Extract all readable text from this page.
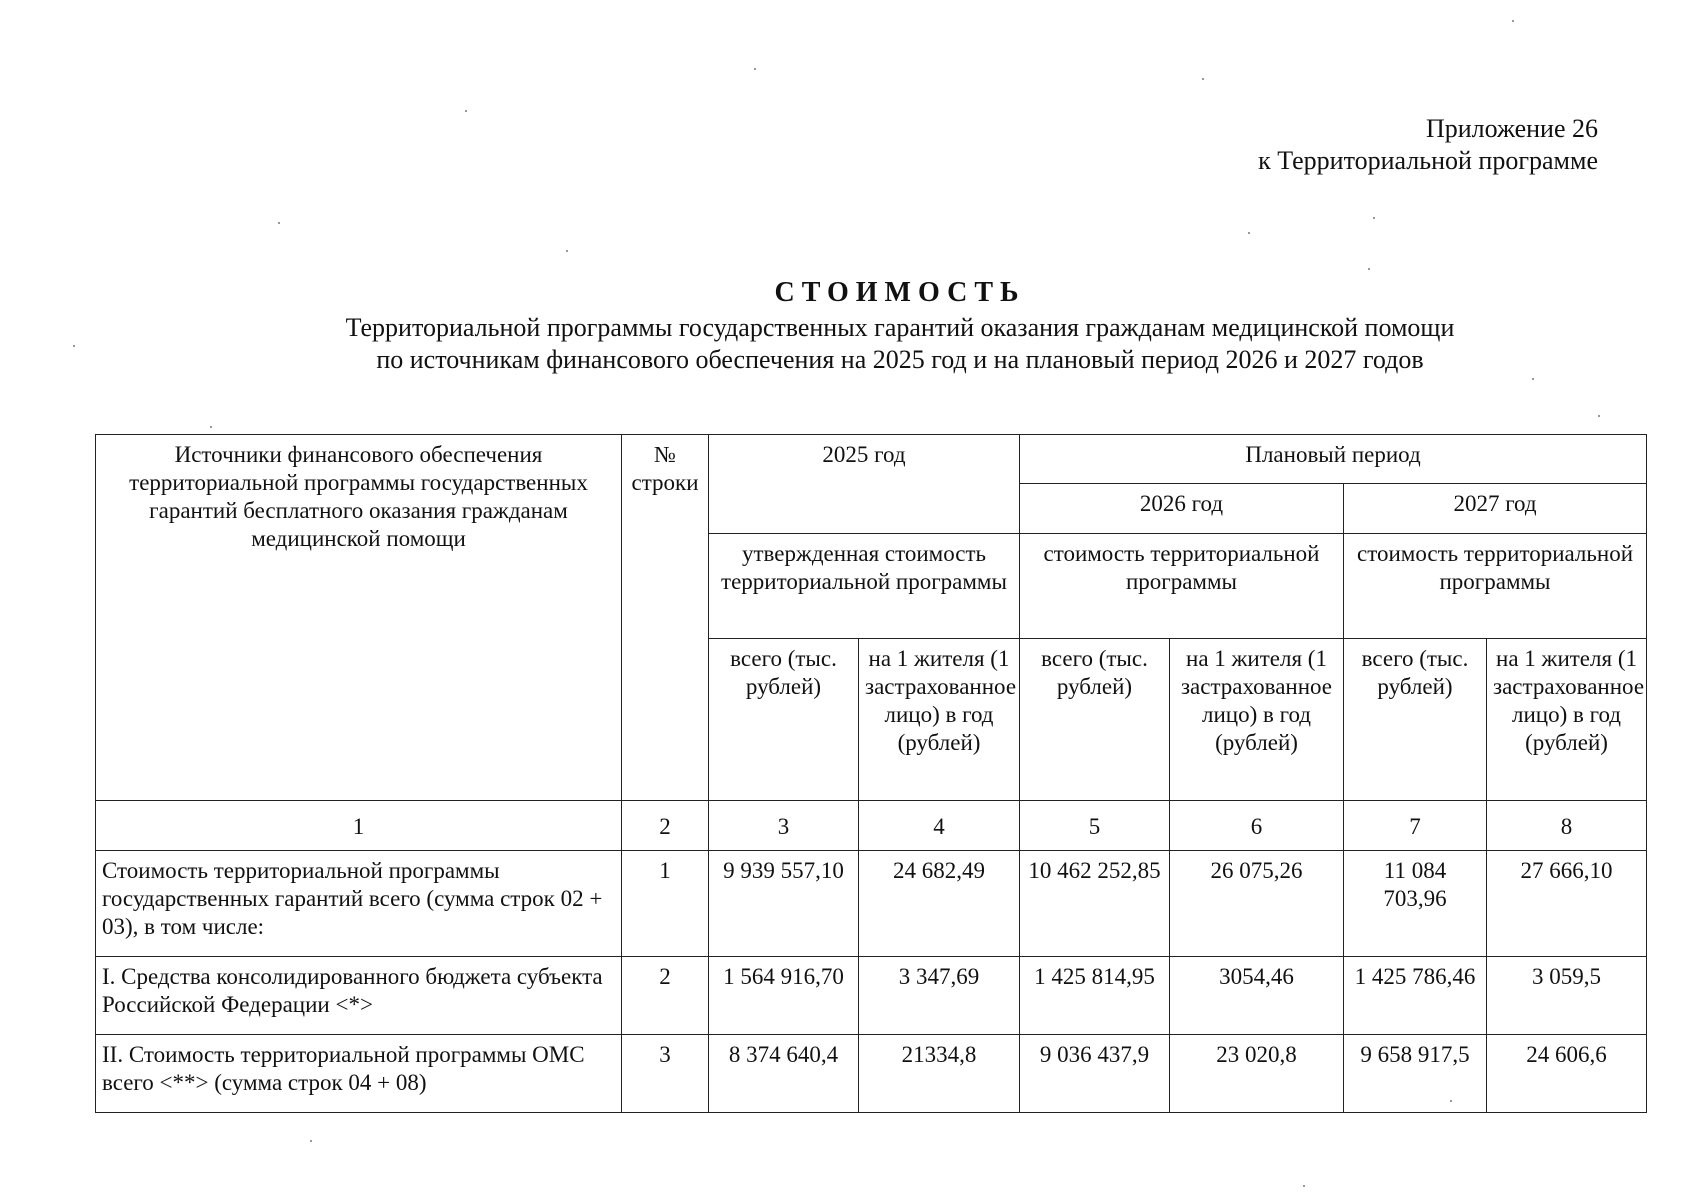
Приложение 26
к Территориальной программе
СТОИМОСТЬ
Территориальной программы государственных гарантий оказания гражданам медицинской помощи
по источникам финансового обеспечения на 2025 год и на плановый период 2026 и 2027 годов
Источники финансового обеспечения территориальной программы государственных гарантий бесплатного оказания гражданам медицинской помощи	№ строки	2025 год		Плановый период			
				2026 год		2027 год	
		утвержденная стоимость территориальной программы		стоимость территориальной программы		стоимость территориальной программы	
		всего (тыс. рублей)	на 1 жителя (1 застрахованное лицо) в год (рублей)	всего (тыс. рублей)	на 1 жителя (1 застрахованное лицо) в год (рублей)	всего (тыс. рублей)	на 1 жителя (1 застрахованное лицо) в год (рублей)
1	2	3	4	5	6	7	8
Стоимость территориальной программы государственных гарантий всего (сумма строк 02 + 03), в том числе:	1	9 939 557,10	24 682,49	10 462 252,85	26 075,26	11 084 703,96	27 666,10
I. Средства консолидированного бюджета субъекта Российской Федерации <*>	2	1 564 916,70	3 347,69	1 425 814,95	3054,46	1 425 786,46	3 059,5
II. Стоимость территориальной программы ОМС всего <**> (сумма строк 04 + 08)	3	8 374 640,4	21334,8	9 036 437,9	23 020,8	9 658 917,5	24 606,6
